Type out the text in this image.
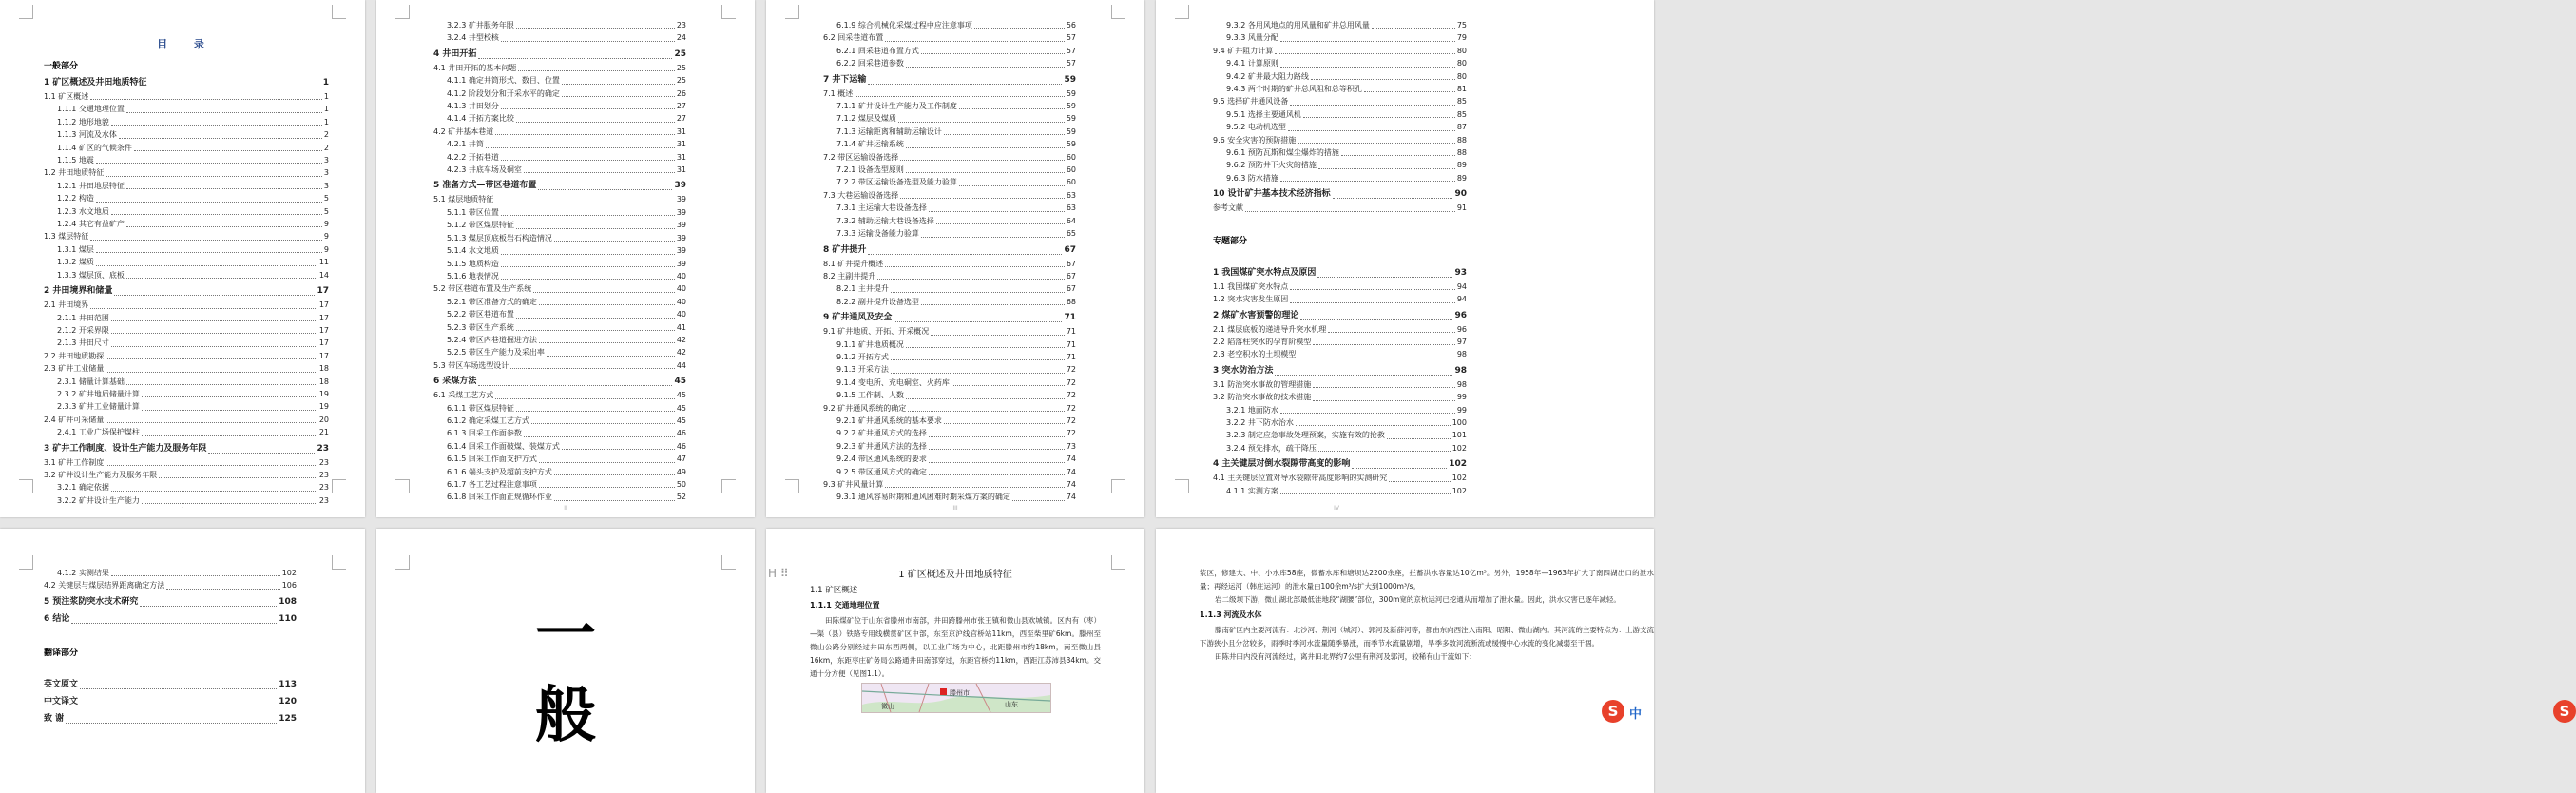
目 录
一般部分
1 矿区概述及井田地质特征	1
1.1 矿区概述	1
1.1.1 交通地理位置	1
1.1.2 地形地貌	1
1.1.3 河流及水体	2
1.1.4 矿区的气候条件	2
1.1.5 地震	3
1.2 井田地质特征	3
1.2.1 井田地层特征	3
1.2.2 构造	5
1.2.3 水文地质	5
1.2.4 其它有益矿产	9
1.3 煤层特征	9
1.3.1 煤层	9
1.3.2 煤质	11
1.3.3 煤层顶、底板	14
2 井田境界和储量	17
2.1 井田境界	17
2.1.1 井田范围	17
2.1.2 开采界限	17
2.1.3 井田尺寸	17
2.2 井田地质勘探	17
2.3 矿井工业储量	18
2.3.1 储量计算基础	18
2.3.2 矿井地质储量计算	19
2.3.3 矿井工业储量计算	19
2.4 矿井可采储量	20
2.4.1 工业广场保护煤柱	21
3 矿井工作制度、设计生产能力及服务年限	23
3.1 矿井工作制度	23
3.2 矿井设计生产能力及服务年限	23
3.2.1 确定依据	23
3.2.2 矿井设计生产能力	23
·
3.2.3 矿井服务年限	23
3.2.4 井型校核	24
4 井田开拓	25
4.1 井田开拓的基本问题	25
4.1.1 确定井筒形式、数目、位置	25
4.1.2 阶段划分和开采水平的确定	26
4.1.3 井田划分	27
4.1.4 开拓方案比较	27
4.2 矿井基本巷道	31
4.2.1 井筒	31
4.2.2 开拓巷道	31
4.2.3 井底车场及硐室	31
5 准备方式—带区巷道布置	39
5.1 煤层地质特征	39
5.1.1 带区位置	39
5.1.2 带区煤层特征	39
5.1.3 煤层顶底板岩石构造情况	39
5.1.4 水文地质	39
5.1.5 地质构造	39
5.1.6 地表情况	40
5.2 带区巷道布置及生产系统	40
5.2.1 带区准备方式的确定	40
5.2.2 带区巷道布置	40
5.2.3 带区生产系统	41
5.2.4 带区内巷道掘进方法	42
5.2.5 带区生产能力及采出率	42
5.3 带区车场选型设计	44
6 采煤方法	45
6.1 采煤工艺方式	45
6.1.1 带区煤层特征	45
6.1.2 确定采煤工艺方式	45
6.1.3 回采工作面参数	46
6.1.4 回采工作面破煤、装煤方式	46
6.1.5 回采工作面支护方式	47
6.1.6 端头支护及超前支护方式	49
6.1.7 各工艺过程注意事项	50
6.1.8 回采工作面正规循环作业	52
II
6.1.9 综合机械化采煤过程中应注意事项	56
6.2 回采巷道布置	57
6.2.1 回采巷道布置方式	57
6.2.2 回采巷道参数	57
7 井下运输	59
7.1 概述	59
7.1.1 矿井设计生产能力及工作制度	59
7.1.2 煤层及煤质	59
7.1.3 运输距离和辅助运输设计	59
7.1.4 矿井运输系统	59
7.2 带区运输设备选择	60
7.2.1 设备选型原则	60
7.2.2 带区运输设备选型及能力验算	60
7.3 大巷运输设备选择	63
7.3.1 主运输大巷设备选择	63
7.3.2 辅助运输大巷设备选择	64
7.3.3 运输设备能力验算	65
8 矿井提升	67
8.1 矿井提升概述	67
8.2 主副井提升	67
8.2.1 主井提升	67
8.2.2 副井提升设备选型	68
9 矿井通风及安全	71
9.1 矿井地质、开拓、开采概况	71
9.1.1 矿井地质概况	71
9.1.2 开拓方式	71
9.1.3 开采方法	72
9.1.4 变电所、充电硐室、火药库	72
9.1.5 工作制、人数	72
9.2 矿井通风系统的确定	72
9.2.1 矿井通风系统的基本要求	72
9.2.2 矿井通风方式的选择	72
9.2.3 矿井通风方法的选择	73
9.2.4 带区通风系统的要求	74
9.2.5 带区通风方式的确定	74
9.3 矿井风量计算	74
9.3.1 通风容易时期和通风困难时期采煤方案的确定	74
III
9.3.2 各用风地点的用风量和矿井总用风量	75
9.3.3 风量分配	79
9.4 矿井阻力计算	80
9.4.1 计算原则	80
9.4.2 矿井最大阻力路线	80
9.4.3 两个时期的矿井总风阻和总等积孔	81
9.5 选择矿井通风设备	85
9.5.1 选择主要通风机	85
9.5.2 电动机选型	87
9.6 安全灾害的预防措施	88
9.6.1 预防瓦斯和煤尘爆炸的措施	88
9.6.2 预防井下火灾的措施	89
9.6.3 防水措施	89
10 设计矿井基本技术经济指标	90
参考文献	91
专题部分
1 我国煤矿突水特点及原因	93
1.1 我国煤矿突水特点	94
1.2 突水灾害发生原因	94
2 煤矿水害预警的理论	96
2.1 煤层底板的递进导升突水机理	96
2.2 陷落柱突水的孕育阶模型	97
2.3 老空积水的土坝模型	98
3 突水防治方法	98
3.1 防治突水事故的管理措施	98
3.2 防治突水事故的技术措施	99
3.2.1 地面防水	99
3.2.2 井下防水治水	100
3.2.3 制定应急事故处理预案，实施有效的抢救	101
3.2.4 预先排水，疏干降压	102
4 主关键层对倒水裂隙带高度的影响	102
4.1 主关键层位置对导水裂隙带高度影响的实测研究	102
4.1.1 实测方案	102
IV
4.1.2 实测结果	102
4.2 关键层与煤层结界距离确定方法	106
5 预注浆防突水技术研究	108
6 结论	110
翻译部分
英文原文	113
中文译文	120
致 谢	125
一
般
H ⠿	1 矿区概述及井田地质特征
1.1 矿区概述
1.1.1 交通地理位置

田陈煤矿位于山东省滕州市南部，井田跨滕州市张王镇和微山县欢城镇。区内有（枣）—渠（县）铁路专用线横贯矿区中部，东至京沪线官桥站11km，西至柴里矿6km。滕州至微山公路分别经过井田东西两侧，以工业广场为中心，北距滕州市约18km，南至微山县16km，东距枣庄矿务局公路通井田南部穿过，东距官桥约11km，西距江苏沛县34km。交通十分方便（见图1.1）。

滕州市
山东
微山

浆区，修建大、中、小水库58座，微蓄水库和塘坝达2200余座，拦蓄洪水容量达10亿m³。另外，1958年—1963年扩大了南四湖出口的泄水量；再经运河（韩庄运河）的泄水量由100余m³/s扩大到1000m³/s。

岩二级坝下游，微山湖北部最低洼地段“湖腰”部位，300m宽的京杭运河已挖通从而增加了泄水量。因此，洪水灾害已逐年减轻。

1.1.3 河流及水体

滕南矿区内主要河流有：北沙河、荆河（城河）、郭河及新薛河等，都由东向西注入南阳、昭阳、微山湖内。其河流的主要特点为：上游支流下游狭小且分岔较多，雨季时季河水流量随季暴涨，而季节水流量剧增，旱季多数河流断流或缓慢中心水流的变化减弱至干涸。

田陈井田内没有河流经过，离井田北界约7公里有荆河及郭河，较稀有山干流如下：

S
S 中
